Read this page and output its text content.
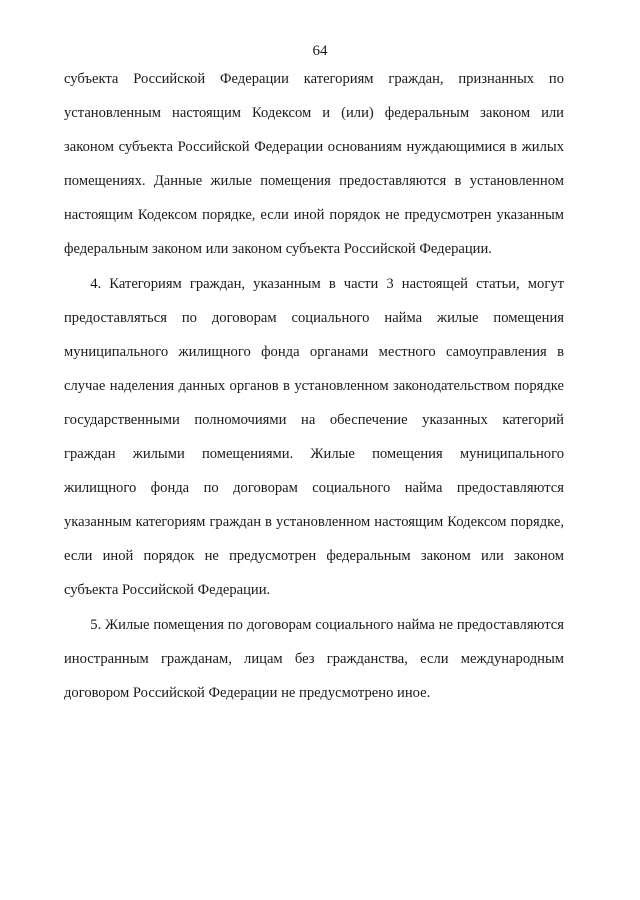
64

субъекта Российской Федерации категориям граждан, признанных по установленным настоящим Кодексом и (или) федеральным законом или законом субъекта Российской Федерации основаниям нуждающимися в жилых помещениях. Данные жилые помещения предоставляются в установленном настоящим Кодексом порядке, если иной порядок не предусмотрен указанным федеральным законом или законом субъекта Российской Федерации.

4. Категориям граждан, указанным в части 3 настоящей статьи, могут предоставляться по договорам социального найма жилые помещения муниципального жилищного фонда органами местного самоуправления в случае наделения данных органов в установленном законодательством порядке государственными полномочиями на обеспечение указанных категорий граждан жилыми помещениями. Жилые помещения муниципального жилищного фонда по договорам социального найма предоставляются указанным категориям граждан в установленном настоящим Кодексом порядке, если иной порядок не предусмотрен федеральным законом или законом субъекта Российской Федерации.

5. Жилые помещения по договорам социального найма не предоставляются иностранным гражданам, лицам без гражданства, если международным договором Российской Федерации не предусмотрено иное.
